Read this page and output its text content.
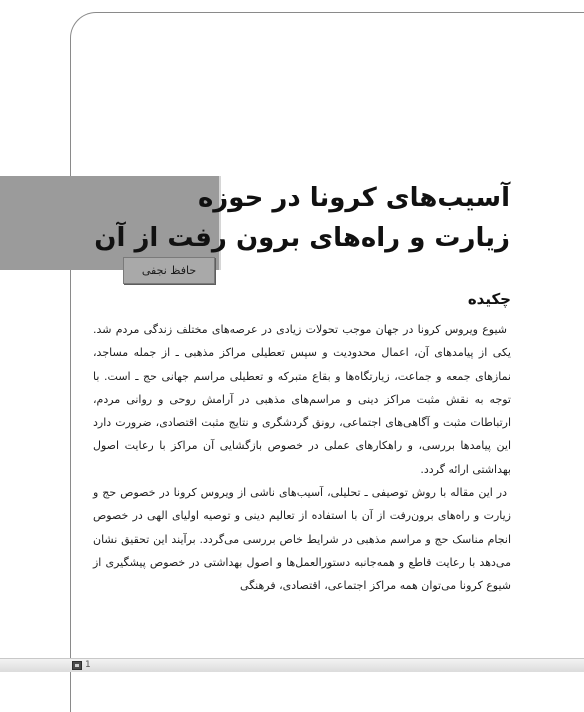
آسیب‌های کرونا در حوزه
زیارت و راه‌های برون رفت از آن
حافظ نجفی
چکیده

شیوع ویروس کرونا در جهان موجب تحولات زیادی در عرصه‌های مختلف زندگی مردم شد. یکی از پیامدهای آن، اعمال محدودیت و سپس تعطیلی مراکز مذهبی ـ از جمله مساجد، نمازهای جمعه و جماعت، زیارتگاه‌ها و بقاع متبرکه و تعطیلی مراسم جهانی حج ـ است. با توجه به نقش مثبت مراکز دینی و مراسم‌های مذهبی در آرامش روحی و روانی مردم، ارتباطات مثبت و آگاهی‌های اجتماعی، رونق گردشگری و نتایج مثبت اقتصادی، ضرورت دارد این پیامدها بررسی، و راهکارهای عملی در خصوص بازگشایی آن مراکز با رعایت اصول بهداشتی ارائه گردد.

در این مقاله با روش توصیفی ـ تحلیلی، آسیب‌های ناشی از ویروس کرونا در خصوص حج و زیارت و راه‌های برون‌رفت از آن با استفاده از تعالیم دینی و توصیه اولیای الهی در خصوص انجام مناسک حج و مراسم مذهبی در شرایط خاص بررسی می‌گردد. برآیند این تحقیق نشان می‌دهد با رعایت قاطع و همه‌جانبه دستورالعمل‌ها و اصول بهداشتی در خصوص پیشگیری از شیوع کرونا می‌توان همه مراکز اجتماعی، اقتصادی، فرهنگی

1
